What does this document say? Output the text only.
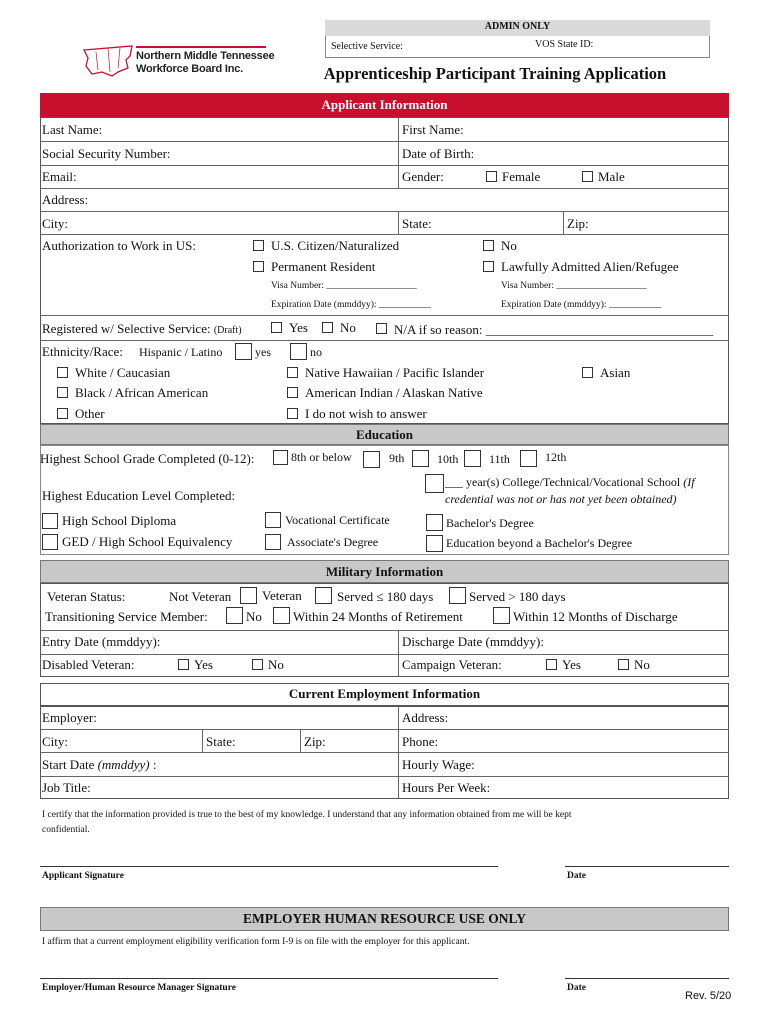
ADMIN ONLY
Selective Service:	VOS State ID:
Northern Middle Tennessee
Workforce Board Inc.	Apprenticeship Participant Training Application
Applicant Information
Last Name:	First Name:
Social Security Number:	Date of Birth:
Email:	Gender:	Female	Male
Address:
City:	State:	Zip:
Authorization to Work in US:	U.S. Citizen/Naturalized	No
Permanent Resident	Lawfully Admitted Alien/Refugee
Visa Number: ___________________	Visa Number: ___________________
Expiration Date (mmddyy): ___________	Expiration Date (mmddyy): ___________
Registered w/ Selective Service: (Draft)	Yes No	N/A if so reason: ___________________________________
Ethnicity/Race: Hispanic / Latino	yes	no
White / Caucasian	Native Hawaiian / Pacific Islander	Asian
Black / African American	American Indian / Alaskan Native
Other	I do not wish to answer
Education
Highest School Grade Completed (0-12):	8th or below	9th	10th	11th	12th
___ year(s) College/Technical/Vocational School (If
credential was not or has not yet been obtained)
Highest Education Level Completed:
High School Diploma	Vocational Certificate	Bachelor's Degree
GED / High School Equivalency	Associate's Degree	Education beyond a Bachelor's Degree
Military Information
Veteran Status:	Not Veteran Veteran	Served ≤ 180 days	Served > 180 days
Transitioning Service Member:	No Within 24 Months of Retirement	Within 12 Months of Discharge
Entry Date (mmddyy):	Discharge Date (mmddyy):
Disabled Veteran:	Yes	No	Campaign Veteran:	Yes	No
Current Employment Information
Employer:	Address:
City:	State:	Zip:	Phone:
Start Date (mmddyy) :	Hourly Wage:
Job Title:	Hours Per Week:
I certify that the information provided is true to the best of my knowledge. I understand that any information obtained from me will be kept
confidential.
Applicant Signature	Date
EMPLOYER HUMAN RESOURCE USE ONLY
I affirm that a current employment eligibility verification form I-9 is on file with the employer for this applicant.
Employer/Human Resource Manager Signature	Date
Rev. 5/20
